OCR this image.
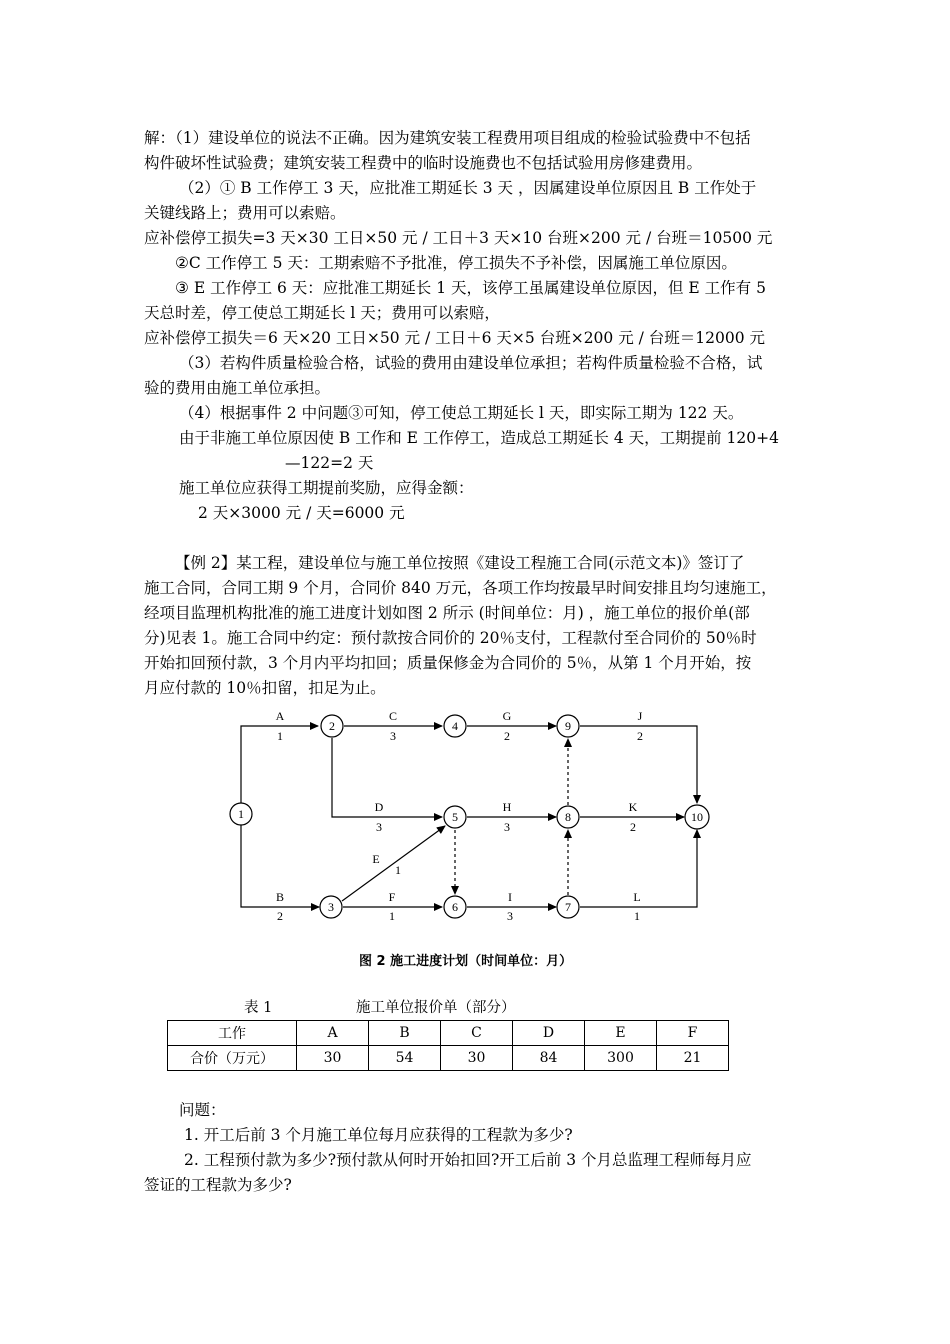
解：（1）建设单位的说法不正确。因为建筑安装工程费用项目组成的检验试验费中不包括
构件破坏性试验费；建筑安装工程费中的临时设施费也不包括试验用房修建费用。
（2）① B 工作停工 3 天，应批准工期延长 3 天 ，因属建设单位原因且 B 工作处于
关键线路上；费用可以索赔。
应补偿停工损失=3 天×30 工日×50 元 / 工日＋3 天×10 台班×200 元 / 台班＝10500 元
②C 工作停工 5 天：工期索赔不予批准，停工损失不予补偿，因属施工单位原因。
③ E 工作停工 6 天：应批准工期延长 1 天，该停工虽属建设单位原因，但 E 工作有 5
天总时差，停工使总工期延长 l 天；费用可以索赔，
应补偿停工损失＝6 天×20 工日×50 元 / 工日＋6 天×5 台班×200 元 / 台班＝12000 元
（3）若构件质量检验合格，试验的费用由建设单位承担；若构件质量检验不合格，试
验的费用由施工单位承担。
（4）根据事件 2 中问题③可知，停工使总工期延长 l 天，即实际工期为 122 天。
由于非施工单位原因使 B 工作和 E 工作停工，造成总工期延长 4 天，工期提前 120+4
—122=2 天
施工单位应获得工期提前奖励，应得金额：
2 天×3000 元 / 天=6000 元
【例 2】某工程，建设单位与施工单位按照《建设工程施工合同(示范文本)》签订了
施工合同，合同工期 9 个月，合同价 840 万元，各项工作均按最早时间安排且均匀速施工，
经项目监理机构批准的施工进度计划如图 2 所示 (时间单位：月) ，施工单位的报价单(部
分)见表 1。施工合同中约定：预付款按合同价的 20％支付，工程款付至合同价的 50％时
开始扣回预付款，3 个月内平均扣回；质量保修金为合同价的 5％，从第 1 个月开始，按
月应付款的 10％扣留，扣足为止。
1
2
3
4
5
6	7
8
9
10
A
1
B
2
C
3
D
3
E
1
F
1
G
2
H
3
I
3
J
2
K
2
L
1
图 2 施工进度计划（时间单位：月）
表 1	施工单位报价单（部分）
工作	A	B	C	D	E	F
合价（万元）	30	54	30	84	300	21
问题：
1. 开工后前 3 个月施工单位每月应获得的工程款为多少?
2. 工程预付款为多少?预付款从何时开始扣回?开工后前 3 个月总监理工程师每月应
签证的工程款为多少?
